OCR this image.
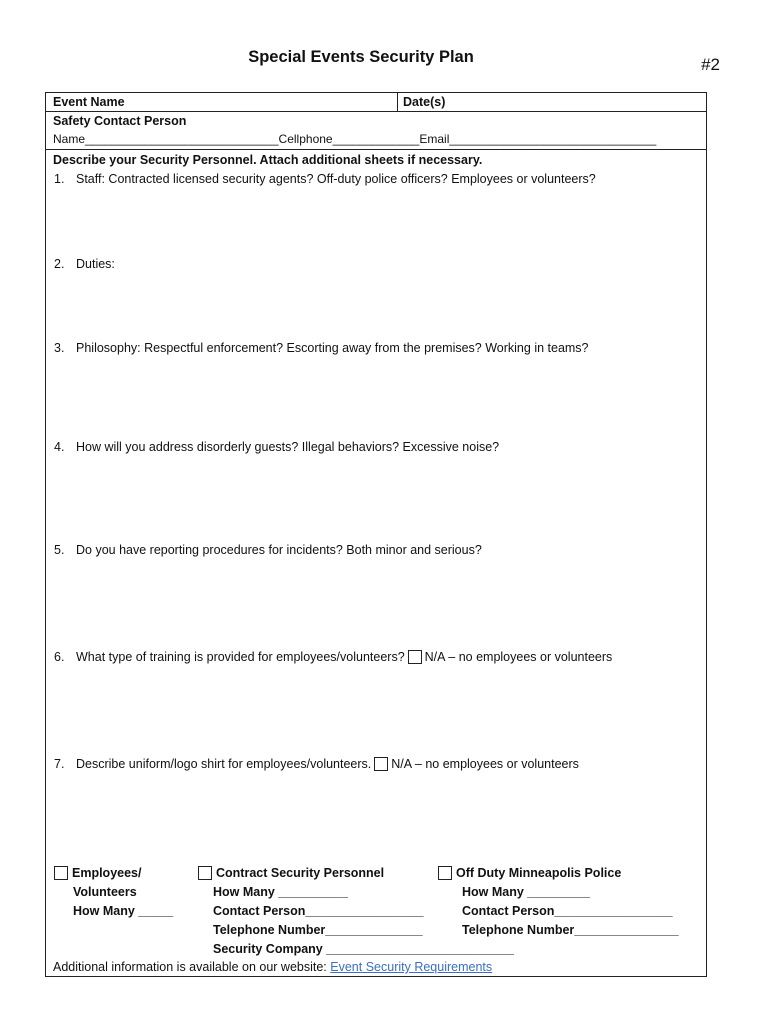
Special Events Security Plan	#2
Event Name	Date(s)
Safety Contact Person
Name_____________________________Cellphone_____________Email_______________________________
Describe your Security Personnel. Attach additional sheets if necessary.
1. Staff: Contracted licensed security agents? Off-duty police officers? Employees or volunteers?
2. Duties:
3. Philosophy: Respectful enforcement? Escorting away from the premises? Working in teams?
4. How will you address disorderly guests? Illegal behaviors? Excessive noise?
5. Do you have reporting procedures for incidents? Both minor and serious?
6. What type of training is provided for employees/volunteers? N/A – no employees or volunteers
7. Describe uniform/logo shirt for employees/volunteers. N/A – no employees or volunteers
Employees/
Volunteers
How Many _____
Contract Security Personnel
How Many __________
Contact Person_________________
Telephone Number______________
Security Company ___________________________
Off Duty Minneapolis Police
How Many _________
Contact Person_________________
Telephone Number_______________
Additional information is available on our website: Event Security Requirements
